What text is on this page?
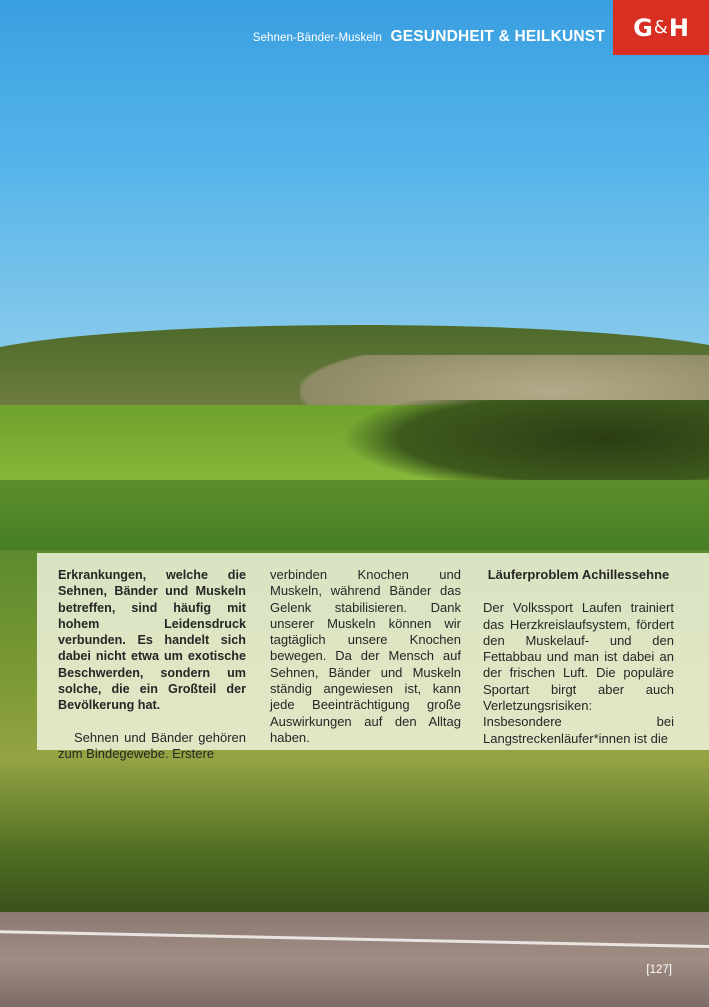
Sehnen-Bänder-Muskeln GESUNDHEIT & HEILKUNST G & H

Erkrankungen, welche die Sehnen, Bänder und Muskeln betreffen, sind häufig mit hohem Leidensdruck verbunden. Es handelt sich dabei nicht etwa um exotische Beschwerden, sondern um solche, die ein Großteil der Bevölkerung hat.

Sehnen und Bänder gehören zum Bindegewebe. Erstere

verbinden Knochen und Muskeln, während Bänder das Gelenk stabilisieren. Dank unserer Muskeln können wir tagtäglich unsere Knochen bewegen. Da der Mensch auf Sehnen, Bänder und Muskeln ständig angewiesen ist, kann jede Beeinträchtigung große Auswirkungen auf den Alltag haben.

Läuferproblem Achillessehne

Der Volkssport Laufen trainiert das Herzkreislaufsystem, fördert den Muskelauf- und den Fettabbau und man ist dabei an der frischen Luft. Die populäre Sportart birgt aber auch Verletzungsrisiken: Insbesondere bei Langstreckenläufer*innen ist die

[127]
